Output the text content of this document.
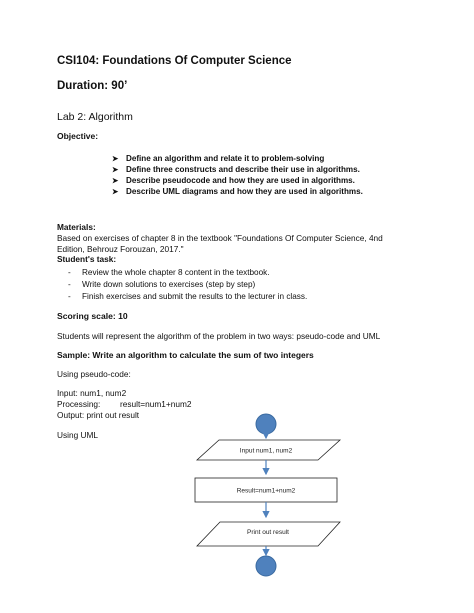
CSI104: Foundations Of Computer Science
Duration: 90’
Lab 2: Algorithm
Objective:
➤ Define an algorithm and relate it to problem-solving
➤ Define three constructs and describe their use in algorithms.
➤ Describe pseudocode and how they are used in algorithms.
➤ Describe UML diagrams and how they are used in algorithms.
Materials:
Based on exercises of chapter 8 in the textbook "Foundations Of Computer Science, 4nd
Edition, Behrouz Forouzan, 2017."
Student's task:
- Review the whole chapter 8 content in the textbook.
- Write down solutions to exercises (step by step)
- Finish exercises and submit the results to the lecturer in class.
Scoring scale: 10
Students will represent the algorithm of the problem in two ways: pseudo-code and UML
Sample: Write an algorithm to calculate the sum of two integers
Using pseudo-code:
Input: num1, num2
Processing: result=num1+num2
Output: print out result
Using UML
Input num1, num2
Result=num1+num2
Print out result
